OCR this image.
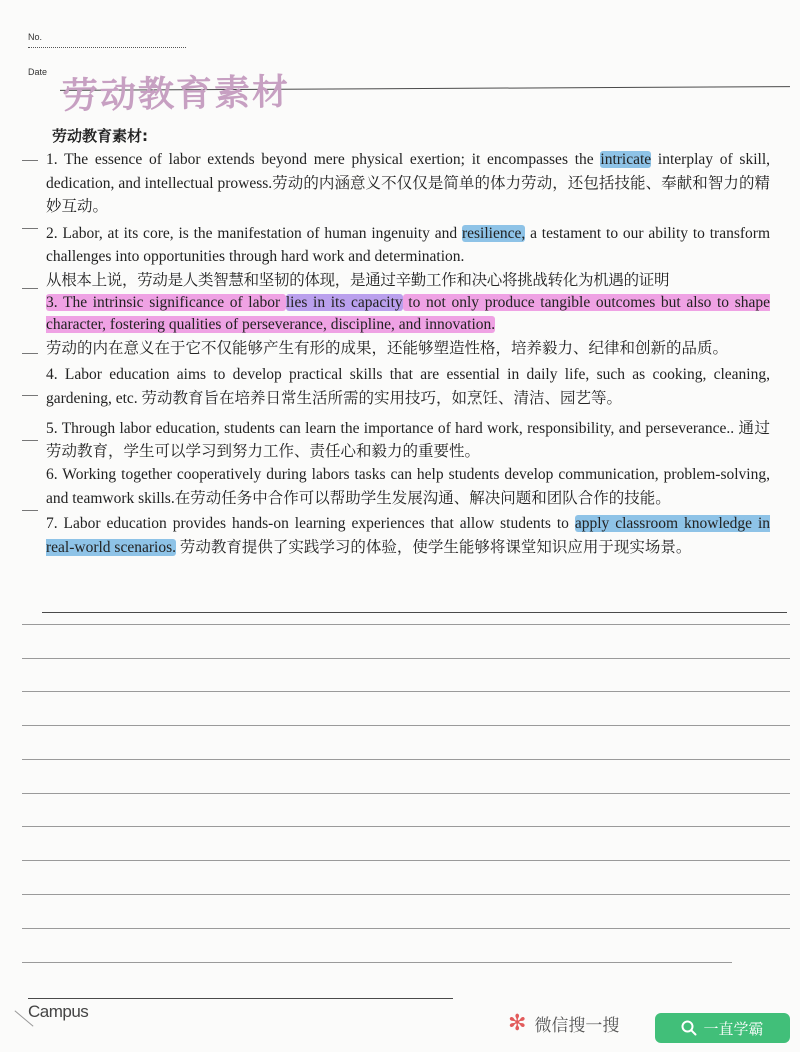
No.
Date 劳动教育素材

劳动教育素材:

1. The essence of labor extends beyond mere physical exertion; it encompasses the intricate interplay of skill, dedication, and intellectual prowess.劳动的内涵意义不仅仅是简单的体力劳动，还包括技能、奉献和智力的精妙互动。

2. Labor, at its core, is the manifestation of human ingenuity and resilience, a testament to our ability to transform challenges into opportunities through hard work and determination.

从根本上说，劳动是人类智慧和坚韧的体现，是通过辛勤工作和决心将挑战转化为机遇的证明

3. The intrinsic significance of labor lies in its capacity to not only produce tangible outcomes but also to shape character, fostering qualities of perseverance, discipline, and innovation.

劳动的内在意义在于它不仅能够产生有形的成果，还能够塑造性格，培养毅力、纪律和创新的品质。

4. Labor education aims to develop practical skills that are essential in daily life, such as cooking, cleaning, gardening, etc. 劳动教育旨在培养日常生活所需的实用技巧，如烹饪、清洁、园艺等。

5. Through labor education, students can learn the importance of hard work, responsibility, and perseverance.. 通过劳动教育，学生可以学习到努力工作、责任心和毅力的重要性。

6. Working together cooperatively during labors tasks can help students develop communication, problem-solving, and teamwork skills.在劳动任务中合作可以帮助学生发展沟通、解决问题和团队合作的技能。

7. Labor education provides hands-on learning experiences that allow students to apply classroom knowledge in real-world scenarios. 劳动教育提供了实践学习的体验，使学生能够将课堂知识应用于现实场景。

Campus	✻ 微信搜一搜	一直学霸
